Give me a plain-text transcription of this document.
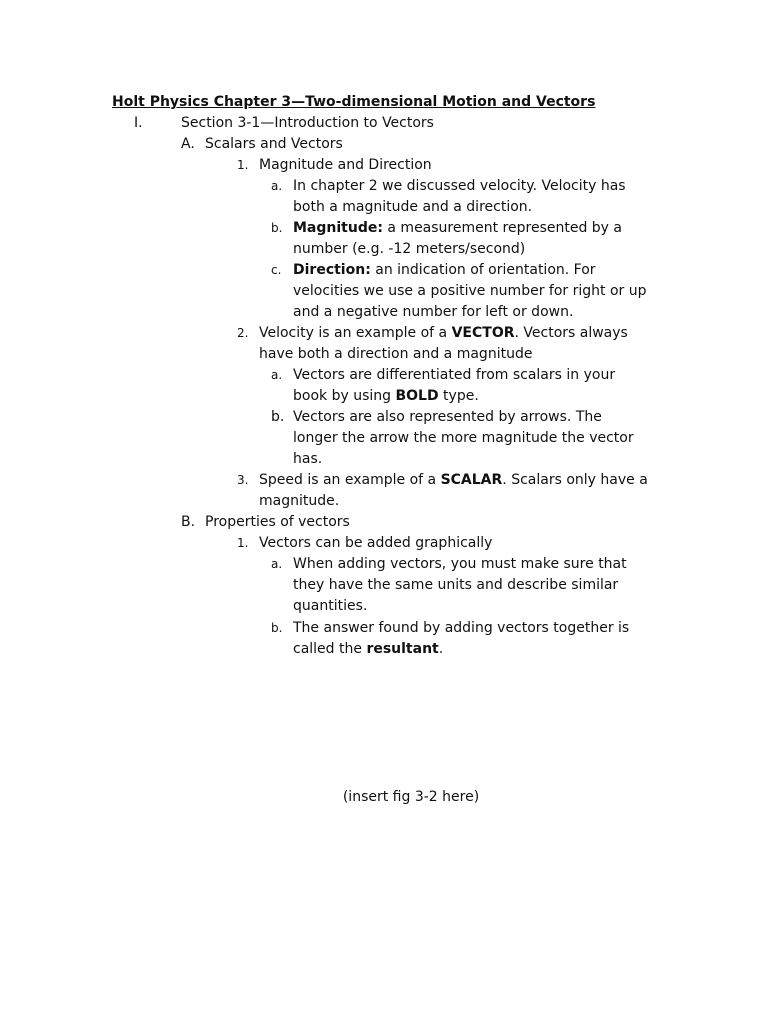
Holt Physics Chapter 3—Two-dimensional Motion and Vectors
I.	Section 3-1—Introduction to Vectors
A. Scalars and Vectors
1. Magnitude and Direction
a. In chapter 2 we discussed velocity. Velocity has
both a magnitude and a direction.
b. Magnitude: a measurement represented by a
number (e.g. -12 meters/second)
c. Direction: an indication of orientation. For
velocities we use a positive number for right or up
and a negative number for left or down.
2. Velocity is an example of a VECTOR. Vectors always
have both a direction and a magnitude
a. Vectors are differentiated from scalars in your
book by using BOLD type.
b. Vectors are also represented by arrows. The
longer the arrow the more magnitude the vector
has.
3. Speed is an example of a SCALAR. Scalars only have a
magnitude.
B. Properties of vectors
1. Vectors can be added graphically
a. When adding vectors, you must make sure that
they have the same units and describe similar
quantities.
b. The answer found by adding vectors together is
called the resultant.
(insert fig 3-2 here)
